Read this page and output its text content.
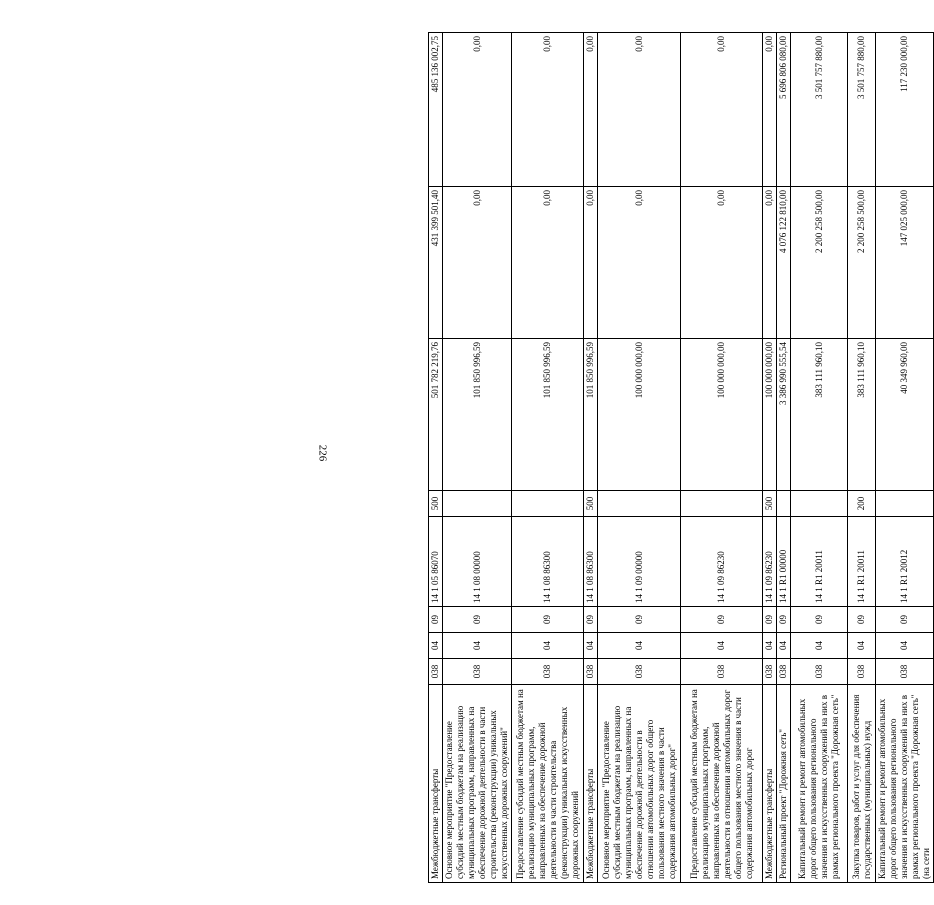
226
Межбюджетные трансферты	038	04	09	14 1 05 86070	500	501 782 219,76	431 399 501,40	485 136 002,75
Основное мероприятие "Предоставление субсидий местным бюджетам на реализацию муниципальных программ, направленных на обеспечение дорожной деятельности в части строительства (реконструкции) уникальных искусственных дорожных сооружений"	038	04	09	14 1 08 00000		101 850 996,59	0,00	0,00
Предоставление субсидий местным бюджетам на реализацию муниципальных программ, направленных на обеспечение дорожной деятельности в части строительства (реконструкции) уникальных искусственных дорожных сооружений	038	04	09	14 1 08 86300		101 850 996,59	0,00	0,00
Межбюджетные трансферты	038	04	09	14 1 08 86300	500	101 850 996,59	0,00	0,00
Основное мероприятие "Предоставление субсидий местным бюджетам на реализацию муниципальных программ, направленных на обеспечение дорожной деятельности в отношении автомобильных дорог общего пользования местного значения в части содержания автомобильных дорог"	038	04	09	14 1 09 00000		100 000 000,00	0,00	0,00
Предоставление субсидий местным бюджетам на реализацию муниципальных программ, направленных на обеспечение дорожной деятельности в отношении автомобильных дорог общего пользования местного значения в части содержания автомобильных дорог	038	04	09	14 1 09 86230		100 000 000,00	0,00	0,00
Межбюджетные трансферты	038	04	09	14 1 09 86230	500	100 000 000,00	0,00	0,00
Региональный проект "Дорожная сеть"	038	04	09	14 1 R1 00000		3 386 990 555,54	4 076 122 810,00	5 696 806 080,00
Капитальный ремонт и ремонт автомобильных дорог общего пользования регионального значения и искусственных сооружений на них в рамках регионального проекта "Дорожная сеть"	038	04	09	14 1 R1 20011		383 111 960,10	2 200 258 500,00	3 501 757 880,00
Закупка товаров, работ и услуг для обеспечения государственных (муниципальных) нужд	038	04	09	14 1 R1 20011	200	383 111 960,10	2 200 258 500,00	3 501 757 880,00
Капитальный ремонт и ремонт автомобильных дорог общего пользования регионального значения и искусственных сооружений на них в рамках регионального проекта "Дорожная сеть" (на сети	038	04	09	14 1 R1 20012		40 349 960,00	147 025 000,00	117 230 000,00
